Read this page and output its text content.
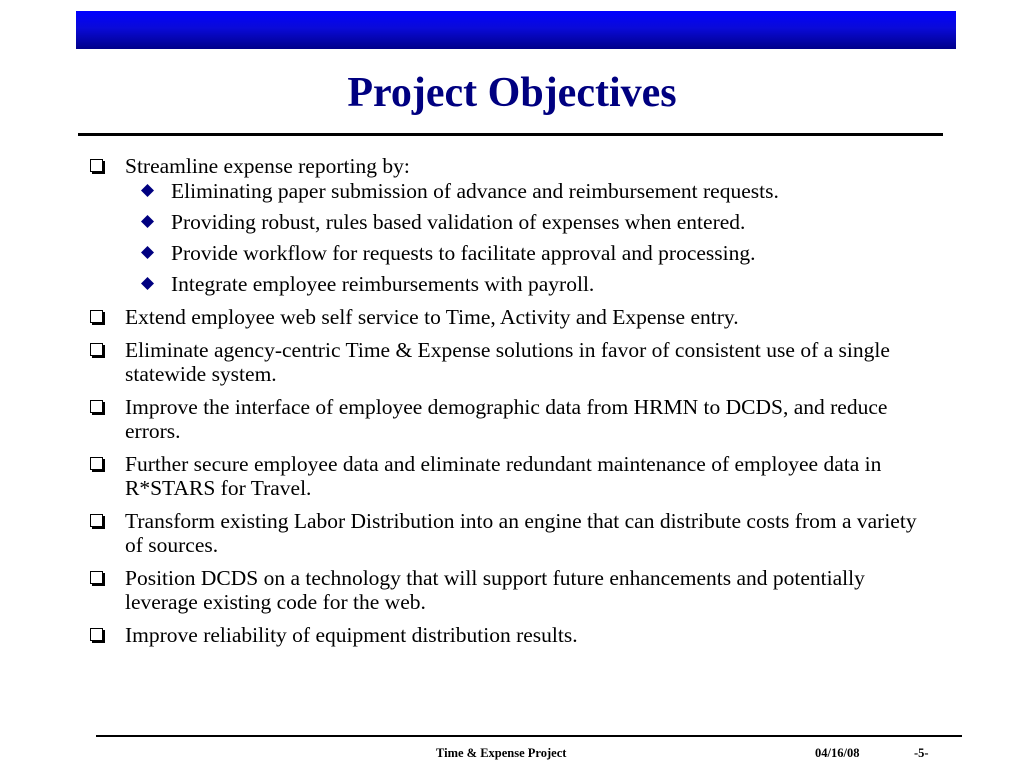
Project Objectives
Streamline expense reporting by:
Eliminating paper submission of advance and reimbursement requests.
Providing robust, rules based validation of expenses when entered.
Provide workflow for requests to facilitate approval and processing.
Integrate employee reimbursements with payroll.
Extend employee web self service to Time, Activity and Expense entry.
Eliminate agency-centric Time & Expense solutions in favor of consistent use of a single statewide system.
Improve the interface of employee demographic data from HRMN to DCDS, and reduce errors.
Further secure employee data and eliminate redundant maintenance of employee data in R*STARS for Travel.
Transform existing Labor Distribution into an engine that can distribute costs from a variety of sources.
Position DCDS on a technology that will support future enhancements and potentially leverage existing code for the web.
Improve reliability of equipment distribution results.
Time & Expense Project	04/16/08	-5-
